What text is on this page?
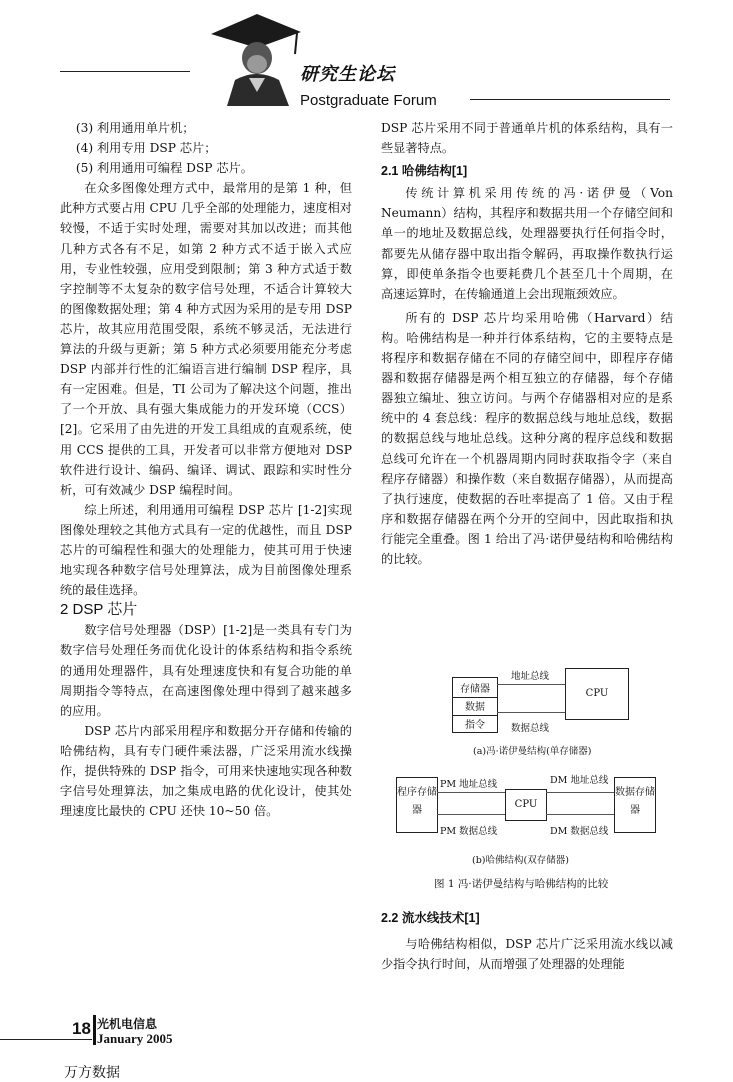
研究生论坛
Postgraduate Forum

(3) 利用通用单片机；

(4) 利用专用 DSP 芯片；

(5) 利用通用可编程 DSP 芯片。

在众多图像处理方式中，最常用的是第 1 种，但此种方式要占用 CPU 几乎全部的处理能力，速度相对较慢，不适于实时处理，需要对其加以改进；而其他几种方式各有不足，如第 2 种方式不适于嵌入式应用，专业性较强，应用受到限制；第 3 种方式适于数字控制等不太复杂的数字信号处理，不适合计算较大的图像数据处理；第 4 种方式因为采用的是专用 DSP 芯片，故其应用范围受限，系统不够灵活，无法进行算法的升级与更新；第 5 种方式必须要用能充分考虑 DSP 内部并行性的汇编语言进行编制 DSP 程序，具有一定困难。但是，TI 公司为了解决这个问题，推出了一个开放、具有强大集成能力的开发环境（CCS）[2]。它采用了由先进的开发工具组成的直观系统，使用 CCS 提供的工具，开发者可以非常方便地对 DSP 软件进行设计、编码、编译、调试、跟踪和实时性分析，可有效减少 DSP 编程时间。

综上所述，利用通用可编程 DSP 芯片 [1-2]实现图像处理较之其他方式具有一定的优越性，而且 DSP 芯片的可编程性和强大的处理能力，使其可用于快速地实现各种数字信号处理算法，成为目前图像处理系统的最佳选择。

2 DSP 芯片

数字信号处理器（DSP）[1-2]是一类具有专门为数字信号处理任务而优化设计的体系结构和指令系统的通用处理器件，具有处理速度快和有复合功能的单周期指令等特点，在高速图像处理中得到了越来越多的应用。

DSP 芯片内部采用程序和数据分开存储和传输的哈佛结构，具有专门硬件乘法器，广泛采用流水线操作，提供特殊的 DSP 指令，可用来快速地实现各种数字信号处理算法，加之集成电路的优化设计，使其处理速度比最快的 CPU 还快 10~50 倍。

DSP 芯片采用不同于普通单片机的体系结构，具有一些显著特点。

2.1 哈佛结构[1]

传统计算机采用传统的冯·诺伊曼（Von Neumann）结构，其程序和数据共用一个存储空间和单一的地址及数据总线，处理器要执行任何指令时，都要先从储存器中取出指令解码，再取操作数执行运算，即使单条指令也要耗费几个甚至几十个周期，在高速运算时，在传输通道上会出现瓶颈效应。

所有的 DSP 芯片均采用哈佛（Harvard）结构。哈佛结构是一种并行体系结构，它的主要特点是将程序和数据存储在不同的存储空间中，即程序存储器和数据存储器是两个相互独立的存储器，每个存储器独立编址、独立访问。与两个存储器相对应的是系统中的 4 套总线：程序的数据总线与地址总线，数据的数据总线与地址总线。这种分离的程序总线和数据总线可允许在一个机器周期内同时获取指令字（来自程序存储器）和操作数（来自数据存储器），从而提高了执行速度，使数据的吞吐率提高了 1 倍。又由于程序和数据存储器在两个分开的空间中，因此取指和执行能完全重叠。图 1 给出了冯·诺伊曼结构和哈佛结构的比较。

存储器
数据
指令
CPU
地址总线
数据总线
(a)冯·诺伊曼结构(单存储器)
程序存储器
CPU
数据存储器
PM 地址总线
PM 数据总线
DM 地址总线
DM 数据总线
(b)哈佛结构(双存储器)
图 1 冯·诺伊曼结构与哈佛结构的比较

2.2 流水线技术[1]

与哈佛结构相似，DSP 芯片广泛采用流水线以减少指令执行时间，从而增强了处理器的处理能

18 光机电信息
January 2005
万方数据
